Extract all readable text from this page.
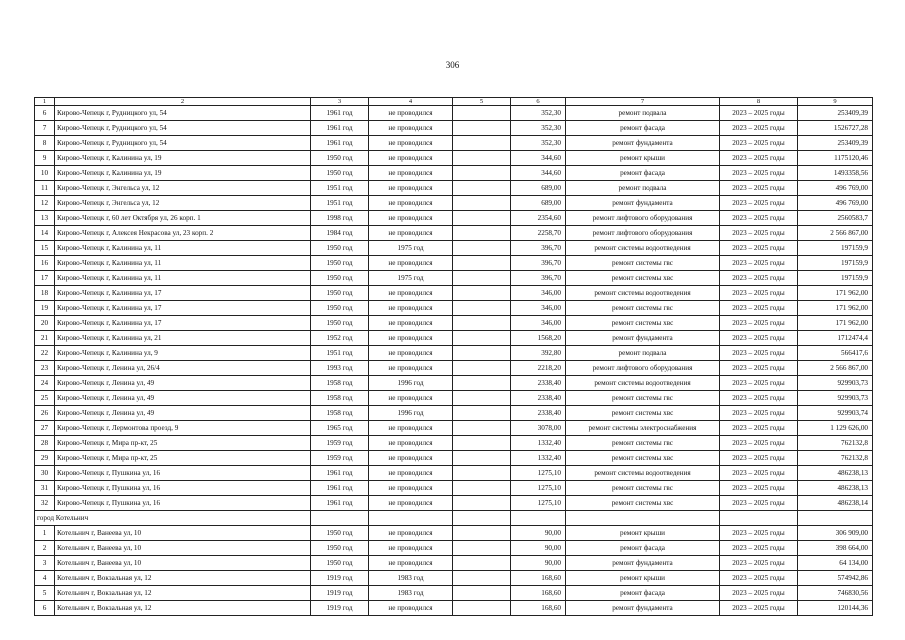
306
1	2	3	4	5	6	7	8	9
6	Кирово-Чепецк г, Рудницкого ул, 54	1961 год	не проводился		352,30	ремонт подвала	2023 – 2025 годы	253409,39
7	Кирово-Чепецк г, Рудницкого ул, 54	1961 год	не проводился		352,30	ремонт фасада	2023 – 2025 годы	1526727,28
8	Кирово-Чепецк г, Рудницкого ул, 54	1961 год	не проводился		352,30	ремонт фундамента	2023 – 2025 годы	253409,39
9	Кирово-Чепецк г, Калинина ул, 19	1950 год	не проводился		344,60	ремонт крыши	2023 – 2025 годы	1175120,46
10	Кирово-Чепецк г, Калинина ул, 19	1950 год	не проводился		344,60	ремонт фасада	2023 – 2025 годы	1493358,56
11	Кирово-Чепецк г, Энгельса ул, 12	1951 год	не проводился		689,00	ремонт подвала	2023 – 2025 годы	496 769,00
12	Кирово-Чепецк г, Энгельса ул, 12	1951 год	не проводился		689,00	ремонт фундамента	2023 – 2025 годы	496 769,00
13	Кирово-Чепецк г, 60 лет Октября ул, 26 корп. 1	1998 год	не проводился		2354,60	ремонт лифтового оборудования	2023 – 2025 годы	2560583,7
14	Кирово-Чепецк г, Алексея Некрасова ул, 23 корп. 2	1984 год	не проводился		2258,70	ремонт лифтового оборудования	2023 – 2025 годы	2 566 867,00
15	Кирово-Чепецк г, Калинина ул, 11	1950 год	1975 год		396,70	ремонт системы водоотведения	2023 – 2025 годы	197159,9
16	Кирово-Чепецк г, Калинина ул, 11	1950 год	не проводился		396,70	ремонт системы гвс	2023 – 2025 годы	197159,9
17	Кирово-Чепецк г, Калинина ул, 11	1950 год	1975 год		396,70	ремонт системы хвс	2023 – 2025 годы	197159,9
18	Кирово-Чепецк г, Калинина ул, 17	1950 год	не проводился		346,00	ремонт системы водоотведения	2023 – 2025 годы	171 962,00
19	Кирово-Чепецк г, Калинина ул, 17	1950 год	не проводился		346,00	ремонт системы гвс	2023 – 2025 годы	171 962,00
20	Кирово-Чепецк г, Калинина ул, 17	1950 год	не проводился		346,00	ремонт системы хвс	2023 – 2025 годы	171 962,00
21	Кирово-Чепецк г, Калинина ул, 21	1952 год	не проводился		1568,20	ремонт фундамента	2023 – 2025 годы	1712474,4
22	Кирово-Чепецк г, Калинина ул, 9	1951 год	не проводился		392,80	ремонт подвала	2023 – 2025 годы	566417,6
23	Кирово-Чепецк г, Ленина ул, 26/4	1993 год	не проводился		2218,20	ремонт лифтового оборудования	2023 – 2025 годы	2 566 867,00
24	Кирово-Чепецк г, Ленина ул, 49	1958 год	1996 год		2338,40	ремонт системы водоотведения	2023 – 2025 годы	929903,73
25	Кирово-Чепецк г, Ленина ул, 49	1958 год	не проводился		2338,40	ремонт системы гвс	2023 – 2025 годы	929903,73
26	Кирово-Чепецк г, Ленина ул, 49	1958 год	1996 год		2338,40	ремонт системы хвс	2023 – 2025 годы	929903,74
27	Кирово-Чепецк г, Лермонтова проезд, 9	1965 год	не проводился		3078,00	ремонт системы электроснабжения	2023 – 2025 годы	1 129 626,00
28	Кирово-Чепецк г, Мира пр-кт, 25	1959 год	не проводился		1332,40	ремонт системы гвс	2023 – 2025 годы	762132,8
29	Кирово-Чепецк г, Мира пр-кт, 25	1959 год	не проводился		1332,40	ремонт системы хвс	2023 – 2025 годы	762132,8
30	Кирово-Чепецк г, Пушкина ул, 16	1961 год	не проводился		1275,10	ремонт системы водоотведения	2023 – 2025 годы	486238,13
31	Кирово-Чепецк г, Пушкина ул, 16	1961 год	не проводился		1275,10	ремонт системы гвс	2023 – 2025 годы	486238,13
32	Кирово-Чепецк г, Пушкина ул, 16	1961 год	не проводился		1275,10	ремонт системы хвс	2023 – 2025 годы	486238,14
город Котельнич								
1	Котельнич г, Ванеева ул, 10	1950 год	не проводился		90,00	ремонт крыши	2023 – 2025 годы	306 909,00
2	Котельнич г, Ванеева ул, 10	1950 год	не проводился		90,00	ремонт фасада	2023 – 2025 годы	398 664,00
3	Котельнич г, Ванеева ул, 10	1950 год	не проводился		90,00	ремонт фундамента	2023 – 2025 годы	64 134,00
4	Котельнич г, Вокзальная ул, 12	1919 год	1983 год		168,60	ремонт крыши	2023 – 2025 годы	574942,86
5	Котельнич г, Вокзальная ул, 12	1919 год	1983 год		168,60	ремонт фасада	2023 – 2025 годы	746830,56
6	Котельнич г, Вокзальная ул, 12	1919 год	не проводился		168,60	ремонт фундамента	2023 – 2025 годы	120144,36
